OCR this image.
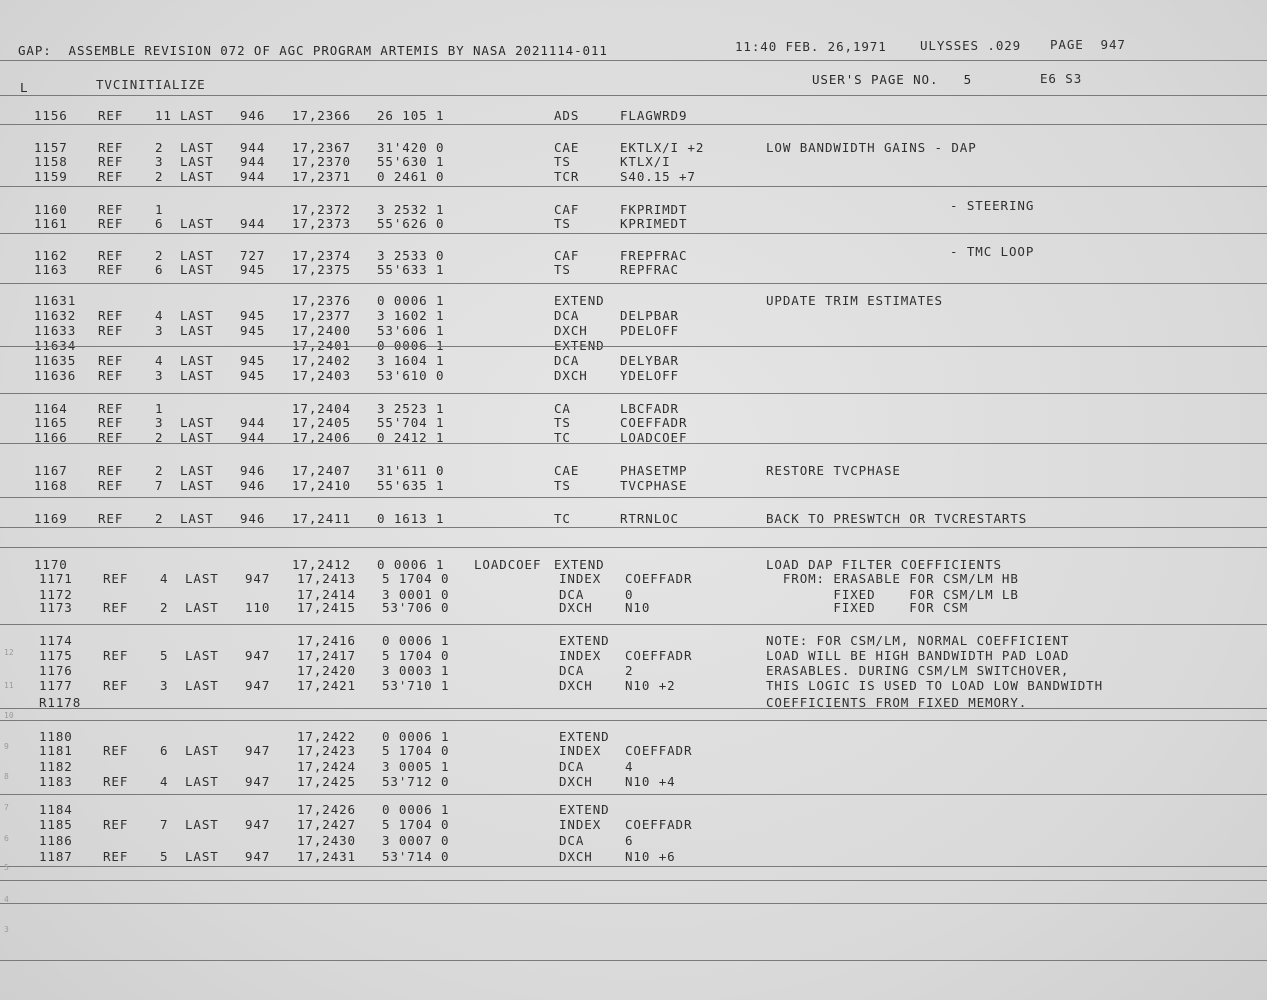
GAP:  ASSEMBLE REVISION 072 OF AGC PROGRAM ARTEMIS BY NASA 2021114-011	11:40 FEB. 26,1971	ULYSSES .029 PAGE  947
L	TVCINITIALIZE	USER'S PAGE NO.   5	E6 S3
1156 REF	11 LAST 946 17,2366 26 105 1	ADS	FLAGWRD9
1157 REF	2 LAST 944 17,2367 31'420 0	CAE	EKTLX/I +2	LOW BANDWIDTH GAINS - DAP
1158 REF	3 LAST 944 17,2370 55'630 1	TS	KTLX/I
1159 REF	2 LAST 944 17,2371 0 2461 0	TCR	S40.15 +7
1160 REF	1	17,2372 3 2532 1	CAF	FKPRIMDT	- STEERING
1161 REF	6 LAST 944 17,2373 55'626 0	TS	KPRIMEDT
1162 REF	2 LAST 727 17,2374 3 2533 0	CAF	FREPFRAC	- TMC LOOP
1163 REF	6 LAST 945 17,2375 55'633 1	TS	REPFRAC
11631	17,2376 0 0006 1	EXTEND	UPDATE TRIM ESTIMATES
11632 REF	4 LAST 945 17,2377 3 1602 1	DCA	DELPBAR
11633 REF	3 LAST 945 17,2400 53'606 1	DXCH	PDELOFF
11634	17,2401 0 0006 1	EXTEND
11635 REF	4 LAST 945 17,2402 3 1604 1	DCA	DELYBAR
11636 REF	3 LAST 945 17,2403 53'610 0	DXCH	YDELOFF
1164 REF	1	17,2404 3 2523 1	CA	LBCFADR
1165 REF	3 LAST 944 17,2405 55'704 1	TS	COEFFADR
1166 REF	2 LAST 944 17,2406 0 2412 1	TC	LOADCOEF
1167 REF	2 LAST 946 17,2407 31'611 0	CAE	PHASETMP	RESTORE TVCPHASE
1168 REF	7 LAST 946 17,2410 55'635 1	TS	TVCPHASE
1169 REF	2 LAST 946 17,2411 0 1613 1	TC	RTRNLOC	BACK TO PRESWTCH OR TVCRESTARTS
1170	17,2412 0 0006 1 LOADCOEF EXTEND	LOAD DAP FILTER COEFFICIENTS
1171 REF	4 LAST 947 17,2413 5 1704 0	INDEX COEFFADR	FROM: ERASABLE FOR CSM/LM HB
1172	17,2414 3 0001 0	DCA	0	FIXED    FOR CSM/LM LB
1173 REF	2 LAST 110 17,2415 53'706 0	DXCH	N10	FIXED    FOR CSM
1174	17,2416 0 0006 1	EXTEND	NOTE: FOR CSM/LM, NORMAL COEFFICIENT
1175 REF	5 LAST 947 17,2417 5 1704 0	INDEX COEFFADR	LOAD WILL BE HIGH BANDWIDTH PAD LOAD
1176	17,2420 3 0003 1	DCA	2	ERASABLES. DURING CSM/LM SWITCHOVER,
1177 REF	3 LAST 947 17,2421 53'710 1	DXCH	N10 +2	THIS LOGIC IS USED TO LOAD LOW BANDWIDTH
R1178	COEFFICIENTS FROM FIXED MEMORY.
1180	17,2422 0 0006 1	EXTEND
1181 REF	6 LAST 947 17,2423 5 1704 0	INDEX COEFFADR
1182	17,2424 3 0005 1	DCA	4
1183 REF	4 LAST 947 17,2425 53'712 0	DXCH	N10 +4
1184	17,2426 0 0006 1	EXTEND
1185 REF	7 LAST 947 17,2427 5 1704 0	INDEX COEFFADR
1186	17,2430 3 0007 0	DCA	6
1187 REF	5 LAST 947 17,2431 53'714 0	DXCH	N10 +6
12
11
10
9
8
7
6
5
4
3
